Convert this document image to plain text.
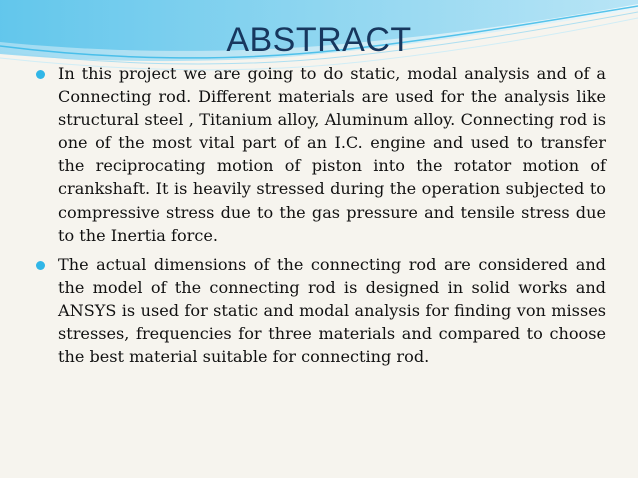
ABSTRACT
In this project we are going to do static, modal analysis and of a Connecting rod. Different materials are used for the analysis like structural steel , Titanium alloy, Aluminum alloy. Connecting rod is one of the most vital part of an I.C. engine and used to transfer the reciprocating motion of piston into the rotator motion of crankshaft. It is heavily stressed during the operation subjected to compressive stress due to the gas pressure and tensile stress due to the Inertia force.
The actual dimensions of the connecting rod are considered and the model of the connecting rod is designed in solid works and ANSYS is used for static and modal analysis for finding von misses stresses, frequencies for three materials and compared to choose the best material suitable for connecting rod.
